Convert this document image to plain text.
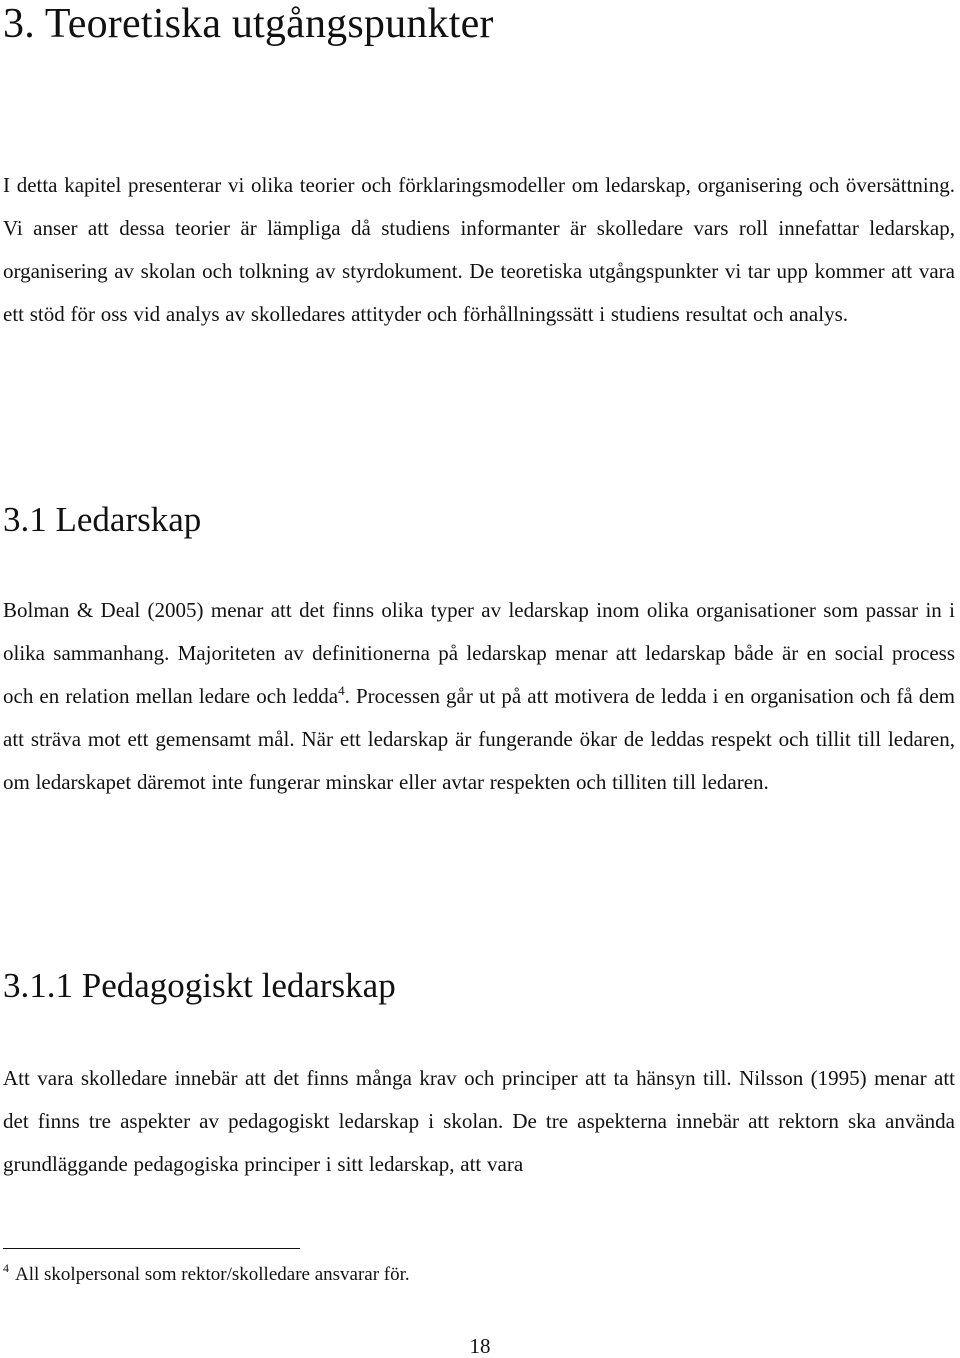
3. Teoretiska utgångspunkter

I detta kapitel presenterar vi olika teorier och förklaringsmodeller om ledarskap, organisering och översättning. Vi anser att dessa teorier är lämpliga då studiens informanter är skolledare vars roll innefattar ledarskap, organisering av skolan och tolkning av styrdokument. De teoretiska utgångspunkter vi tar upp kommer att vara ett stöd för oss vid analys av skolledares attityder och förhållningssätt i studiens resultat och analys.

3.1 Ledarskap

Bolman & Deal (2005) menar att det finns olika typer av ledarskap inom olika organisationer som passar in i olika sammanhang. Majoriteten av definitionerna på ledarskap menar att ledarskap både är en social process och en relation mellan ledare och ledda$^4$. Processen går ut på att motivera de ledda i en organisation och få dem att sträva mot ett gemensamt mål. När ett ledarskap är fungerande ökar de leddas respekt och tillit till ledaren, om ledarskapet däremot inte fungerar minskar eller avtar respekten och tilliten till ledaren.

3.1.1 Pedagogiskt ledarskap

Att vara skolledare innebär att det finns många krav och principer att ta hänsyn till. Nilsson (1995) menar att det finns tre aspekter av pedagogiskt ledarskap i skolan. De tre aspekterna innebär att rektorn ska använda grundläggande pedagogiska principer i sitt ledarskap, att vara

$^4$ All skolpersonal som rektor/skolledare ansvarar för.
18
